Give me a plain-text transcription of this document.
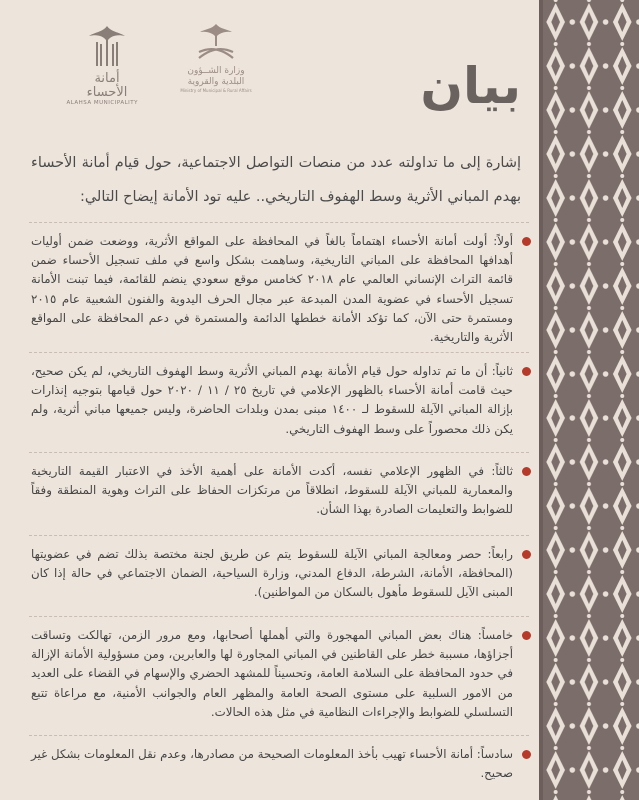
أمانة الأحساء
ALAHSA MUNICIPALITY
وزارة الشــؤون البلدية والقروية
Ministry of Municipal & Rural Affairs	بيان

إشارة إلى ما تداولته عدد من منصات التواصل الاجتماعية، حول قيام أمانة الأحساء بهدم المباني الأثرية وسط الهفوف التاريخي.. عليه تود الأمانة إيضاح التالي:

أولاً: أولت أمانة الأحساء اهتماماً بالغاً في المحافظة على المواقع الأثرية، ووضعت ضمن أوليات أهدافها المحافظة على المباني التاريخية، وساهمت بشكل واسع في ملف تسجيل الأحساء ضمن قائمة التراث الإنساني العالمي عام ٢٠١٨ كخامس موقع سعودي ينضم للقائمة، فيما تبنت الأمانة تسجيل الأحساء في عضوية المدن المبدعة عبر مجال الحرف اليدوية والفنون الشعبية عام ٢٠١٥ ومستمرة حتى الآن، كما تؤكد الأمانة خططها الدائمة والمستمرة في دعم المحافظة على المواقع الأثرية والتاريخية.
ثانياً: أن ما تم تداوله حول قيام الأمانة بهدم المباني الأثرية وسط الهفوف التاريخي، لم يكن صحيح، حيث قامت أمانة الأحساء بالظهور الإعلامي في تاريخ ٢٥ / ١١ / ٢٠٢٠ حول قيامها بتوجيه إنذارات بإزالة المباني الآيلة للسقوط لـ ١٤٠٠ مبنى بمدن وبلدات الحاضرة، وليس جميعها مباني أثرية، ولم يكن ذلك محصوراً على وسط الهفوف التاريخي.
ثالثاً: في الظهور الإعلامي نفسه، أكدت الأمانة على أهمية الأخذ في الاعتبار القيمة التاريخية والمعمارية للمباني الآيلة للسقوط، انطلاقاً من مرتكزات الحفاظ على التراث وهوية المنطقة وفقاً للضوابط والتعليمات الصادرة بهذا الشأن.
رابعاً: حصر ومعالجة المباني الآيلة للسقوط يتم عن طريق لجنة مختصة بذلك تضم في عضويتها (المحافظة، الأمانة، الشرطة، الدفاع المدني، وزارة السياحية، الضمان الاجتماعي في حالة إذا كان المبنى الآيل للسقوط مأهول بالسكان من المواطنين).
خامساً: هناك بعض المباني المهجورة والتي أهملها أصحابها، ومع مرور الزمن، تهالكت وتساقت أجزاؤها، مسببة خطر على القاطنين في المباني المجاورة لها والعابرين، ومن مسؤولية الأمانة الإزالة في حدود المحافظة على السلامة العامة، وتحسيناً للمشهد الحضري والإسهام في القضاء على العديد من الامور السلبية على مستوى الصحة العامة والمظهر العام والجوانب الأمنية، مع مراعاة تتبع التسلسلي للضوابط والإجراءات النظامية في مثل هذه الحالات.
سادساً: أمانة الأحساء تهيب بأخذ المعلومات الصحيحة من مصادرها، وعدم نقل المعلومات بشكل غير صحيح.
